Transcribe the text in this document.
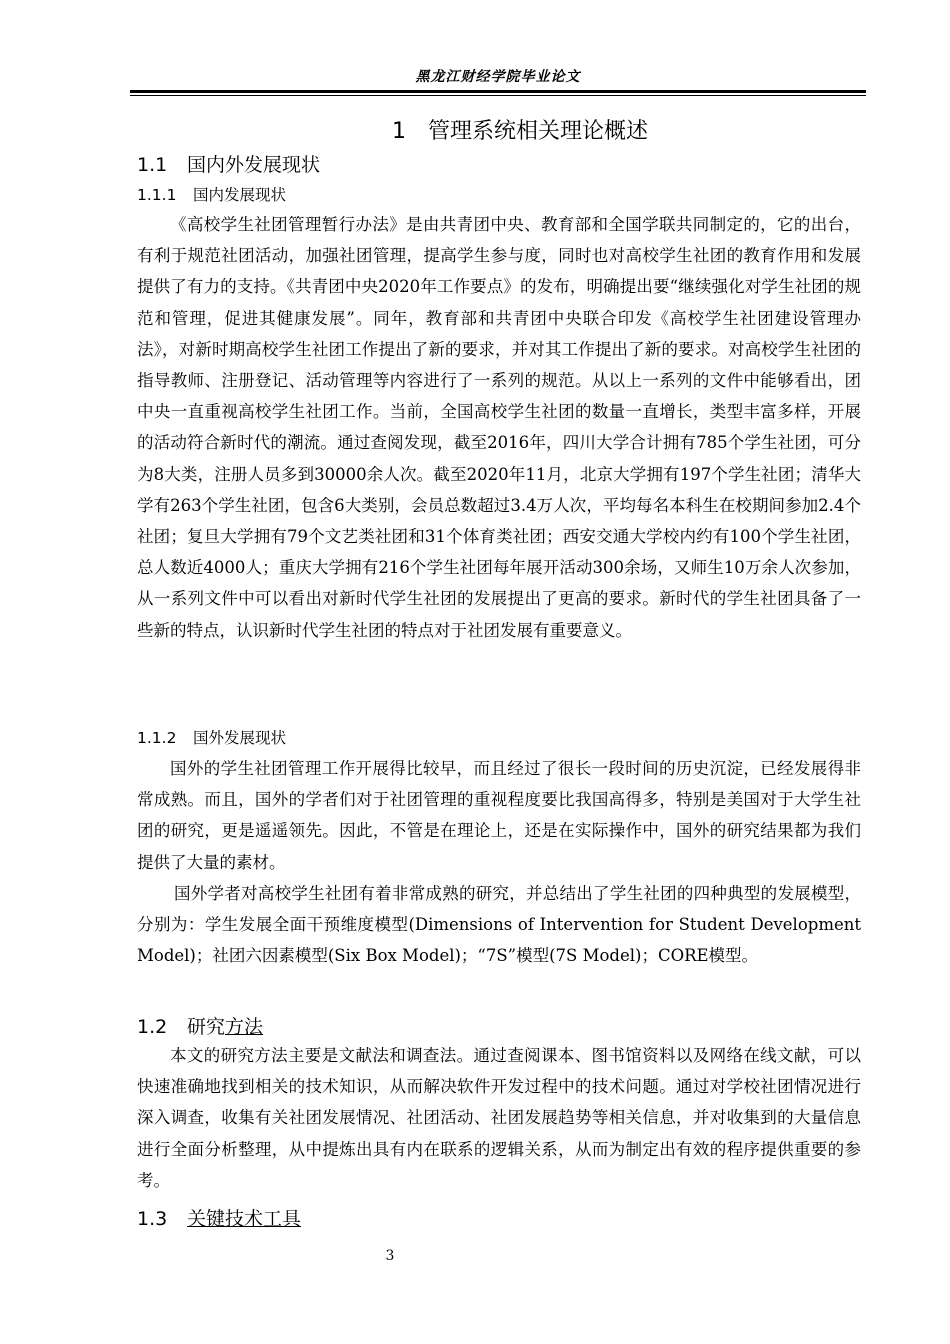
黑龙江财经学院毕业论文
1 管理系统相关理论概述
1.1 国内外发展现状
1.1.1 国内发展现状

《高校学生社团管理暂行办法》是由共青团中央、教育部和全国学联共同制定的，它的出台，有利于规范社团活动，加强社团管理，提高学生参与度，同时也对高校学生社团的教育作用和发展提供了有力的支持。《共青团中央2020年工作要点》的发布，明确提出要“继续强化对学生社团的规范和管理，促进其健康发展”。同年，教育部和共青团中央联合印发《高校学生社团建设管理办法》，对新时期高校学生社团工作提出了新的要求，并对其工作提出了新的要求。对高校学生社团的指导教师、注册登记、活动管理等内容进行了一系列的规范。从以上一系列的文件中能够看出，团中央一直重视高校学生社团工作。当前，全国高校学生社团的数量一直增长，类型丰富多样，开展的活动符合新时代的潮流。通过查阅发现，截至2016年，四川大学合计拥有785个学生社团，可分为8大类，注册人员多到30000余人次。截至2020年11月，北京大学拥有197个学生社团；清华大学有263个学生社团，包含6大类别，会员总数超过3.4万人次，平均每名本科生在校期间参加2.4个社团；复旦大学拥有79个文艺类社团和31个体育类社团；西安交通大学校内约有100个学生社团，总人数近4000人；重庆大学拥有216个学生社团每年展开活动300余场，又师生10万余人次参加，从一系列文件中可以看出对新时代学生社团的发展提出了更高的要求。新时代的学生社团具备了一些新的特点，认识新时代学生社团的特点对于社团发展有重要意义。

1.1.2 国外发展现状

国外的学生社团管理工作开展得比较早，而且经过了很长一段时间的历史沉淀，已经发展得非常成熟。而且，国外的学者们对于社团管理的重视程度要比我国高得多，特别是美国对于大学生社团的研究，更是遥遥领先。因此，不管是在理论上，还是在实际操作中，国外的研究结果都为我们提供了大量的素材。

国外学者对高校学生社团有着非常成熟的研究，并总结出了学生社团的四种典型的发展模型，分别为：学生发展全面干预维度模型(Dimensions of Intervention for Student Development Model)；社团六因素模型(Six Box Model)；“7S”模型(7S Model)；CORE模型。

1.2 研究方法

本文的研究方法主要是文献法和调查法。通过查阅课本、图书馆资料以及网络在线文献，可以快速准确地找到相关的技术知识，从而解决软件开发过程中的技术问题。通过对学校社团情况进行深入调查，收集有关社团发展情况、社团活动、社团发展趋势等相关信息，并对收集到的大量信息进行全面分析整理，从中提炼出具有内在联系的逻辑关系，从而为制定出有效的程序提供重要的参考。

1.3 关键技术工具
3
